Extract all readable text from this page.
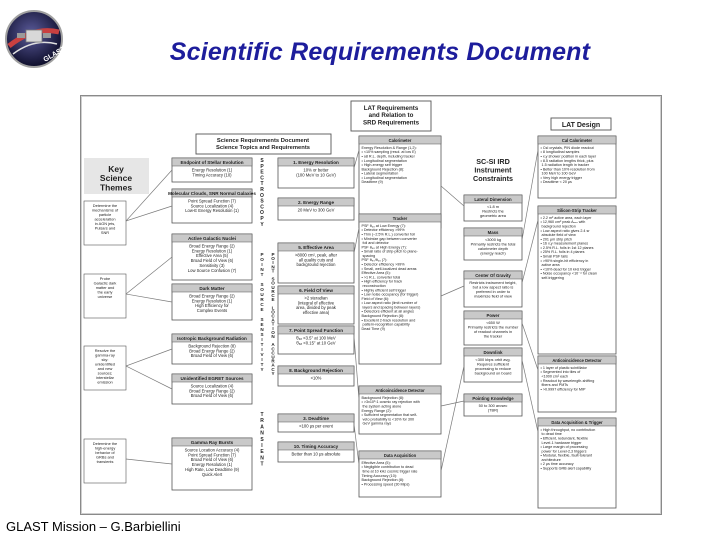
GLAST	Scientific Requirements Document
LAT Requirements and Relation to SRD Requirements	LAT Design
Science Requirements Document Science Topics and Requirements
Key Science Themes
Determine the mechanisms of particle acceleration in AGN jets, Pulsars and SNR
Probe Galactic dark matter and the early universe
Resolve the gamma-ray sky: unidentified and new sources; interstellar emission
Determine the high-energy behavior of GRBs and transients
Endpoint of Stellar Evolution
Energy Resolution (1) Timing Accuracy (10)
Molecular Clouds, SNR Normal Galaxies
Point Spread Function (7) Source Localization (4) Low-E Energy Resolution (1)
Active Galactic Nuclei
Broad Energy Range (2) Energy Resolution (1) Effective Area (5) Broad Field of View (6) Sensitivity (3) Low Source Confusion (7)
Dark Matter
Broad Energy Range (2) Energy Resolution (1) High Efficiency for Complex Events
Isotropic Background Radiation
Background Rejection (8) Broad Energy Range (2) Broad Field of View (6)
Unidentified EGRET Sources
Source Localization (4) Broad Energy Range (2) Broad Field of View (6)
Gamma Ray Bursts
Source Location Accuracy (4) Point Spread Function (7) Broad Field of View (6) Energy Resolution (1) High Rate, Low Deadtime (9) Quick Alert
S P E C T R O S C O P Y
P O I N T S O U R C E S E N S I T I V I T Y
P O I N T S O U R C E L O C A T I O N A C C U R A C Y
T R A N S I E N T
1. Energy Resolution
10% or better (100 MeV to 10 GeV)
2. Energy Range
20 MeV to 300 GeV
5. Effective Area
>8000 cm², peak, after all quality cuts and background rejection
6. Field Of View
>2 steradian (integral of effective area, divided by peak effective area)
7. Point Spread Function
θ₆₈ <3.5° at 100 MeV θ₆₈ <0.15° at 10 GeV
8. Background Rejection
<10%
3. Deadtime
<100 μs per event
10. Timing Accuracy
Better than 10 μs absolute
Calorimeter
Energy Resolution & Range (1,2): • <10% sampling (resol. at low E) • ≥8 R.L. depth, including tracker • Longitudinal segmentation • High-energy self trigger Background Rejection (8): • Lateral segmentation • Longitudinal segmentation Deadtime (9)
Tracker
PSF θ₆₈ at Low Energy (7): • Detector efficiency >99% • Thin (~2.5% R.L.) converter foil • Minimize gap between converter foil and detector PSF θ₆₈ at High Energy (7): • Small ratio of strip-pitch to plane- spacing PSF θ₉₅/θ₆₈ (7): • Detector efficiency >99% • Small, well-localized dead areas Effective Area (5): • >1 R.L. converter total • High efficiency for track reconstruction • Highly efficient self trigger • Low noise occupancy (for trigger) Field of View (6): • Low aspect ratio (limit number of layers and spacing between layers) • Detectors efficient at all angles Background Rejection (8): • Excellent 2-track resolution and pattern-recognition capability Dead Time (9)
Anticoincidence Detector
Background Rejection (8): • >3x10⁵:1 cosmic ray rejection with the system acting alone Energy Range (2): • Sufficient segmentation that self- veto probability is <10% for 300 GeV gamma rays
Data Acquisition
Effective Area (5): • Negligible contribution to dead time at 10 kHz cosmic trigger rate Timing Accuracy (10): Background Rejection (8): • Processing speed (30 Mips)
SC-SI IRD Instrument Constraints
Lateral Dimension
<1.8 m Restricts the geometric area
Mass
<3000 kg Primarily restricts the total calorimeter depth (energy reach)
Center Of Gravity
Restricts instrument height, but a low aspect ratio is preferred in order to maximize field of view
Power
<650 W Primarily restricts the number of readout channels in the tracker
Downlink
<300 kbps orbit avg. Requires sufficient processing to reduce background on board
Pointing Knowledge
50 to 300 arcsec (TBR)
Cal Calorimeter
• CsI crystals, PIN diode readout • 8 longitudinal samples • x,y shower position in each layer • 8.5 radiation lengths thick, plus 1.5 radiation length in tracker • Better than 10% resolution from 100 MeV to 100 GeV • Very high energy trigger • Deadtime < 20 μs
Silicon-Strip Tracker
• 2.2 m² active area, each layer • 12,960 cm² peak Aₑₒₒ with background rejection • Low aspect ratio gives 2.4 sr absolute field of view • 201 μm strip pitch • 16 x,y measurement planes • 2.5% R.L. foils in 1st 12 planes • 25% R.L. foils in 4 planes • Small PSF tails • >90% single-hit efficiency in active area • <10% dead for 10 kHz trigger • Noise occupancy <10⁻⁴ for clean self-triggering
Anticoincidence Detector
• 1 layer of plastic scintillator • Segmented into tiles of <1000 cm² each • Readout by wavelength-shifting fibers and PMTs • >0.9997 efficiency for MIP
Data Acquisition & Trigger
• High throughput, no contribution to dead time • Efficient, redundant, flexible Level-1 hardware trigger • Large margin of processing power for Level-2,3 triggers • Modular, flexible, fault-tolerant architecture • 2 μs time accuracy • Supports GRB alert capability
GLAST Mission – G.Barbiellini
